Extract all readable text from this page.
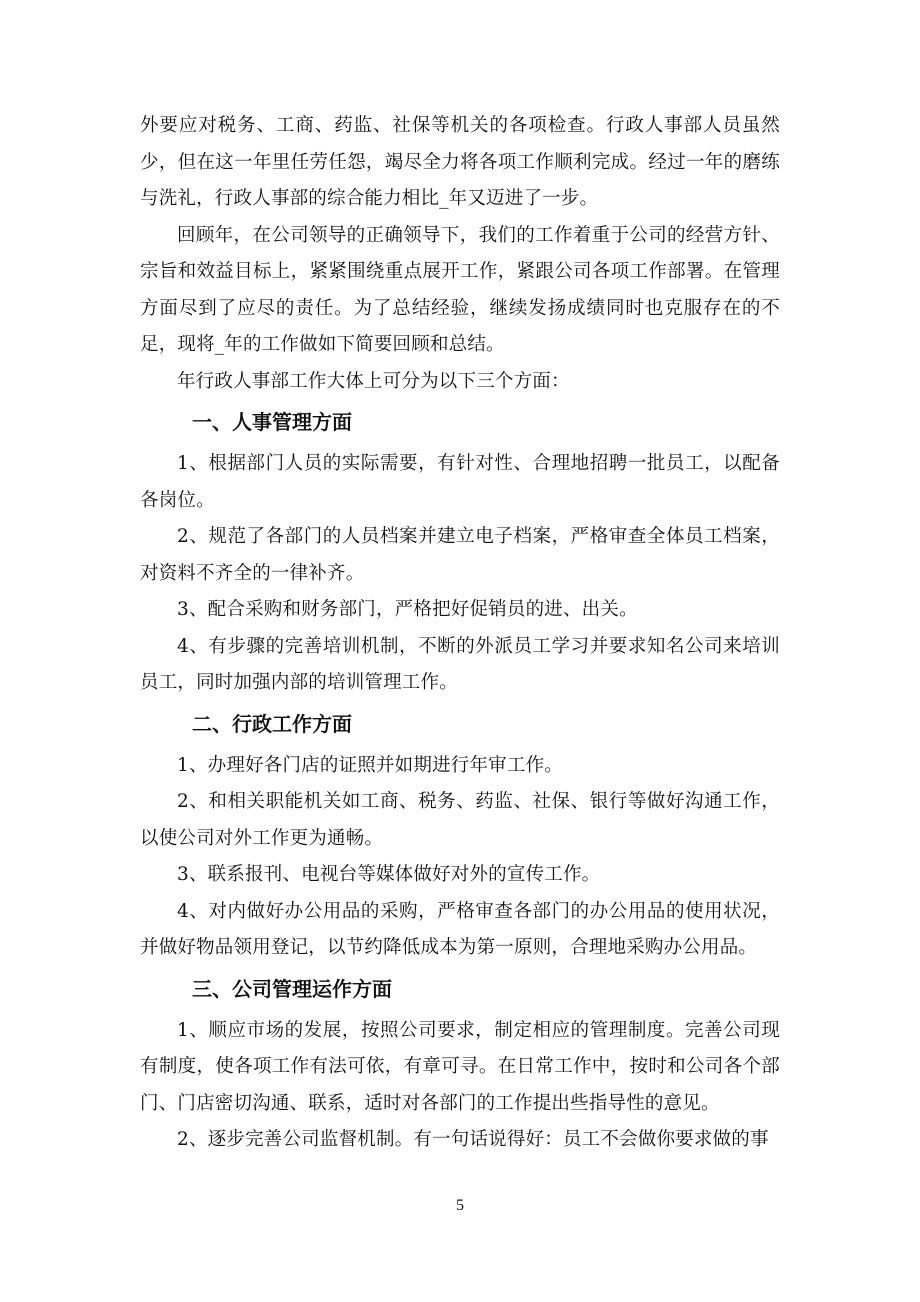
外要应对税务、工商、药监、社保等机关的各项检查。行政人事部人员虽然少，但在这一年里任劳任怨，竭尽全力将各项工作顺利完成。经过一年的磨练与洗礼，行政人事部的综合能力相比_年又迈进了一步。

回顾年，在公司领导的正确领导下，我们的工作着重于公司的经营方针、宗旨和效益目标上，紧紧围绕重点展开工作，紧跟公司各项工作部署。在管理方面尽到了应尽的责任。为了总结经验，继续发扬成绩同时也克服存在的不足，现将_年的工作做如下简要回顾和总结。

年行政人事部工作大体上可分为以下三个方面：

一、人事管理方面

1、根据部门人员的实际需要，有针对性、合理地招聘一批员工，以配备各岗位。

2、规范了各部门的人员档案并建立电子档案，严格审查全体员工档案，对资料不齐全的一律补齐。

3、配合采购和财务部门，严格把好促销员的进、出关。

4、有步骤的完善培训机制，不断的外派员工学习并要求知名公司来培训员工，同时加强内部的培训管理工作。

二、行政工作方面

1、办理好各门店的证照并如期进行年审工作。

2、和相关职能机关如工商、税务、药监、社保、银行等做好沟通工作，以使公司对外工作更为通畅。

3、联系报刊、电视台等媒体做好对外的宣传工作。

4、对内做好办公用品的采购，严格审查各部门的办公用品的使用状况，并做好物品领用登记，以节约降低成本为第一原则，合理地采购办公用品。

三、公司管理运作方面

1、顺应市场的发展，按照公司要求，制定相应的管理制度。完善公司现有制度，使各项工作有法可依，有章可寻。在日常工作中，按时和公司各个部门、门店密切沟通、联系，适时对各部门的工作提出些指导性的意见。

2、逐步完善公司监督机制。有一句话说得好：员工不会做你要求做的事

5
